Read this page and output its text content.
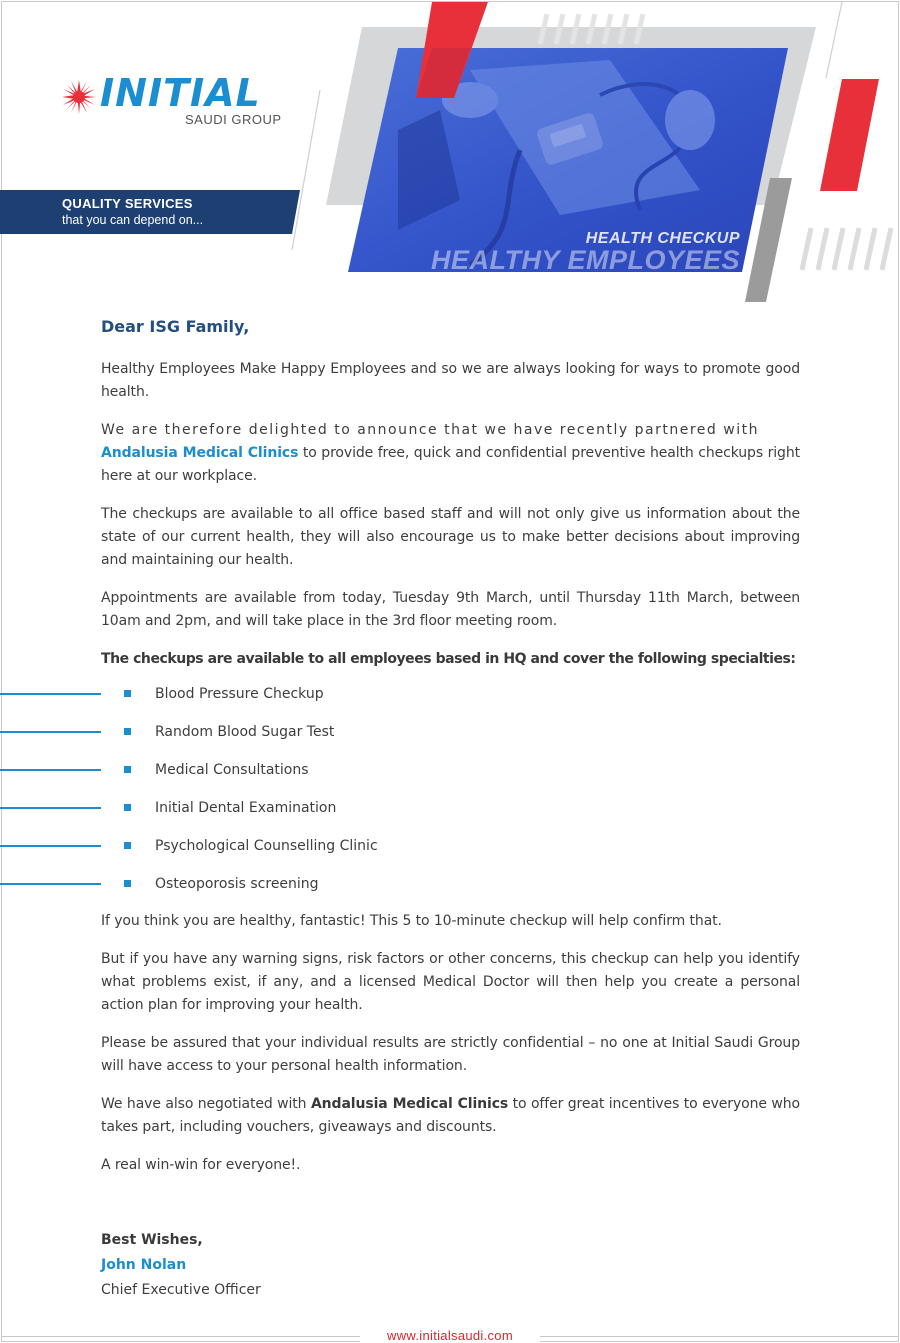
INITIAL
SAUDI GROUP
QUALITY SERVICES
that you can depend on...
HEALTH CHECKUP
HEALTHY EMPLOYEES
Dear ISG Family,

Healthy Employees Make Happy Employees and so we are always looking for ways to promote good health.

We are therefore delighted to announce that we have recently partnered with
Andalusia Medical Clinics to provide free, quick and confidential preventive health checkups right here at our workplace.

The checkups are available to all office based staff and will not only give us information about the state of our current health, they will also encourage us to make better decisions about improving and maintaining our health.

Appointments are available from today, Tuesday 9th March, until Thursday 11th March, between 10am and 2pm, and will take place in the 3rd floor meeting room.

The checkups are available to all employees based in HQ and cover the following specialties:

Blood Pressure Checkup
Random Blood Sugar Test
Medical Consultations
Initial Dental Examination
Psychological Counselling Clinic
Osteoporosis screening

If you think you are healthy, fantastic! This 5 to 10-minute checkup will help confirm that.

But if you have any warning signs, risk factors or other concerns, this checkup can help you identify what problems exist, if any, and a licensed Medical Doctor will then help you create a personal action plan for improving your health.

Please be assured that your individual results are strictly confidential – no one at Initial Saudi Group will have access to your personal health information.

We have also negotiated with Andalusia Medical Clinics to offer great incentives to everyone who takes part, including vouchers, giveaways and discounts.

A real win-win for everyone!.

Best Wishes,
John Nolan
Chief Executive Officer
www.initialsaudi.com
